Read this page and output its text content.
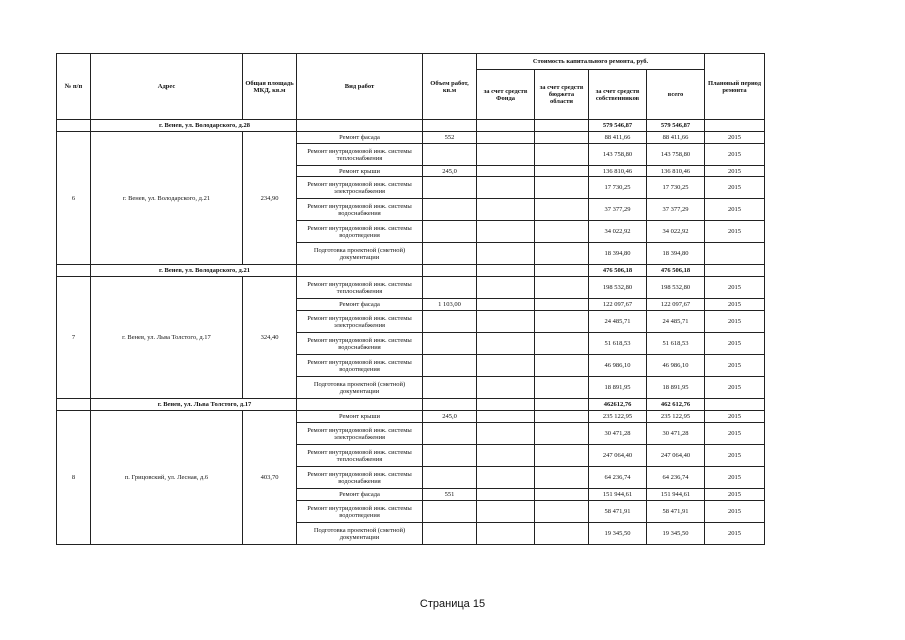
№ п/п	Адрес	Общая площадь МКД, кв.м	Вид работ	Объем работ, кв.м	Стоимость капитального ремонта, руб.				Плановый период ремонта
					за счет средств Фонда	за счет средств бюджета области	за счет средств собственников	всего	
	г. Венев, ул. Володарского, д.28						579 546,87	579 546,87	
6	г. Венев, ул. Володарского, д.21	234,90	Ремонт фасада	552			88 411,66	88 411,66	2015
			Ремонт внутридомовой инж. системы теплоснабжения				143 758,80	143 758,80	2015
			Ремонт крыши	245,0			136 810,46	136 810,46	2015
			Ремонт внутридомовой инж. системы электроснабжения				17 730,25	17 730,25	2015
			Ремонт внутридомовой инж. системы водоснабжения				37 377,29	37 377,29	2015
			Ремонт внутридомовой инж. системы водоотведения				34 022,92	34 022,92	2015
			Подготовка проектной (сметной) документации				18 394,80	18 394,80	
	г. Венев, ул. Володарского, д.21						476 506,18	476 506,18	
7	г. Венев, ул. Льва Толстого, д.17	324,40	Ремонт внутридомовой инж. системы теплоснабжения				198 532,80	198 532,80	2015
			Ремонт фасада	1 103,00			122 097,67	122 097,67	2015
			Ремонт внутридомовой инж. системы электроснабжения				24 485,71	24 485,71	2015
			Ремонт внутридомовой инж. системы водоснабжения				51 618,53	51 618,53	2015
			Ремонт внутридомовой инж. системы водоотведения				46 986,10	46 986,10	2015
			Подготовка проектной (сметной) документации				18 891,95	18 891,95	2015
	г. Венев, ул. Льва Толстого, д.17						462612,76	462 612,76	
8	п. Грицовский, ул. Лесная, д.6	403,70	Ремонт крыши	245,0			235 122,95	235 122,95	2015
			Ремонт внутридомовой инж. системы электроснабжения				30 471,28	30 471,28	2015
			Ремонт внутридомовой инж. системы теплоснабжения				247 064,40	247 064,40	2015
			Ремонт внутридомовой инж. системы водоснабжения				64 236,74	64 236,74	2015
			Ремонт фасада	551			151 944,61	151 944,61	2015
			Ремонт внутридомовой инж. системы водоотведения				58 471,91	58 471,91	2015
			Подготовка проектной (сметной) документации				19 345,50	19 345,50	2015
Страница 15
